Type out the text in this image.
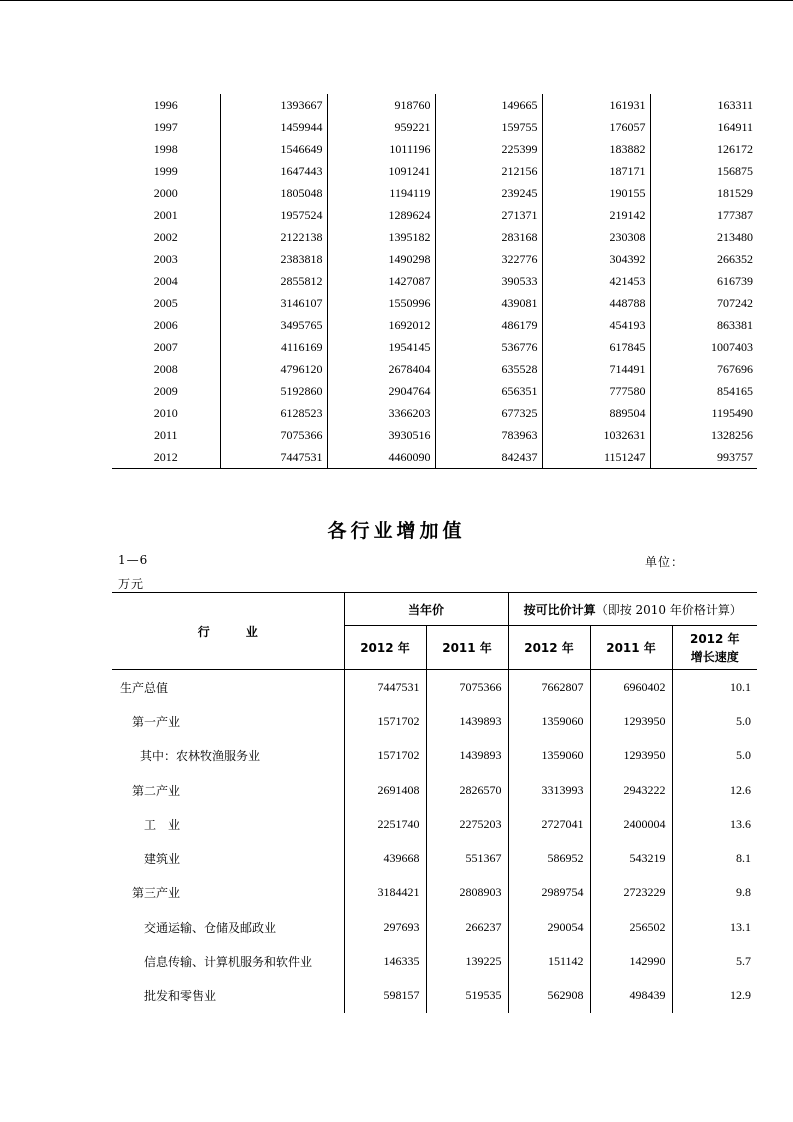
1996	1393667	918760	149665	161931	163311
1997	1459944	959221	159755	176057	164911
1998	1546649	1011196	225399	183882	126172
1999	1647443	1091241	212156	187171	156875
2000	1805048	1194119	239245	190155	181529
2001	1957524	1289624	271371	219142	177387
2002	2122138	1395182	283168	230308	213480
2003	2383818	1490298	322776	304392	266352
2004	2855812	1427087	390533	421453	616739
2005	3146107	1550996	439081	448788	707242
2006	3495765	1692012	486179	454193	863381
2007	4116169	1954145	536776	617845	1007403
2008	4796120	2678404	635528	714491	767696
2009	5192860	2904764	656351	777580	854165
2010	6128523	3366203	677325	889504	1195490
2011	7075366	3930516	783963	1032631	1328256
2012	7447531	4460090	842437	1151247	993757
各行业增加值
1—6	单位：
万元
行　　　业	当年价		按可比价计算（即按 2010 年价格计算）		
	2012 年	2011 年	2012 年	2011 年	2012 年
增长速度
生产总值	7447531	7075366	7662807	6960402	10.1
第一产业	1571702	1439893	1359060	1293950	5.0
其中：农林牧渔服务业	1571702	1439893	1359060	1293950	5.0
第二产业	2691408	2826570	3313993	2943222	12.6
工　业	2251740	2275203	2727041	2400004	13.6
建筑业	439668	551367	586952	543219	8.1
第三产业	3184421	2808903	2989754	2723229	9.8
交通运输、仓储及邮政业	297693	266237	290054	256502	13.1
信息传输、计算机服务和软件业	146335	139225	151142	142990	5.7
批发和零售业	598157	519535	562908	498439	12.9
